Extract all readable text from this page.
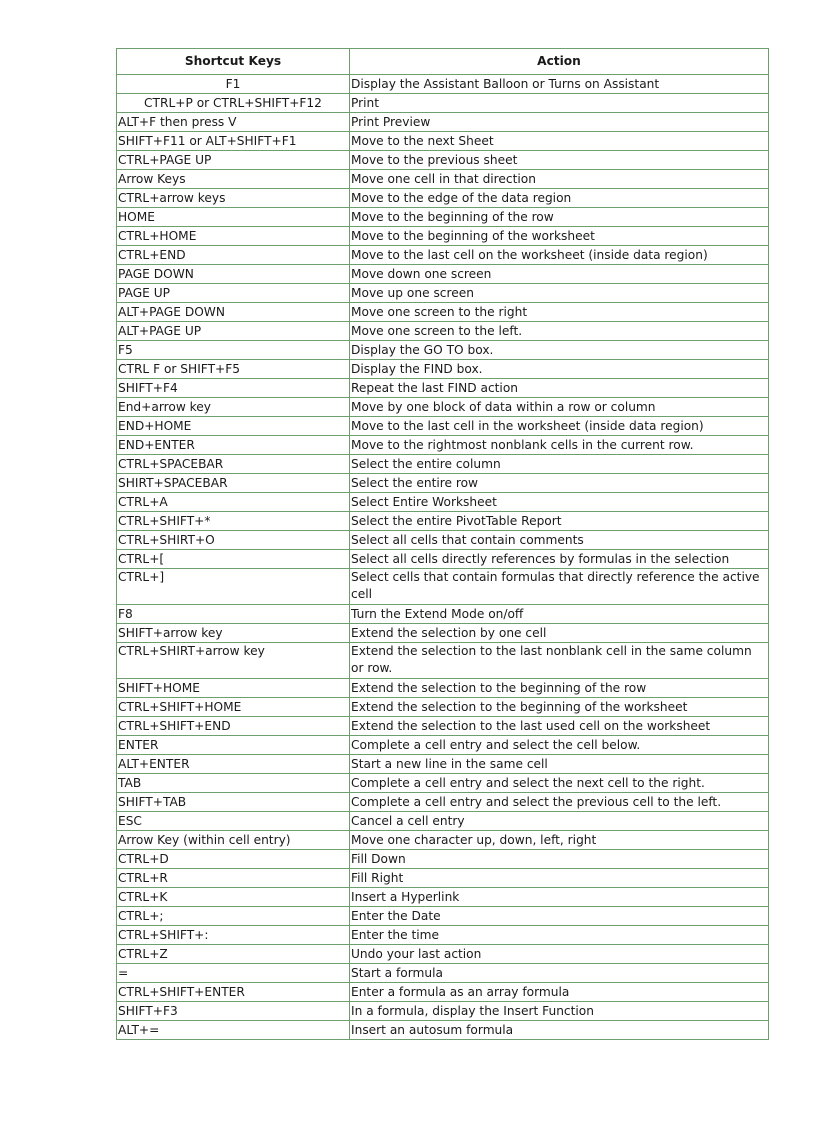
Shortcut Keys	Action
F1	Display the Assistant Balloon or Turns on Assistant
CTRL+P or CTRL+SHIFT+F12	Print
ALT+F then press V	Print Preview
SHIFT+F11 or ALT+SHIFT+F1	Move to the next Sheet
CTRL+PAGE UP	Move to the previous sheet
Arrow Keys	Move one cell in that direction
CTRL+arrow keys	Move to the edge of the data region
HOME	Move to the beginning of the row
CTRL+HOME	Move to the beginning of the worksheet
CTRL+END	Move to the last cell on the worksheet (inside data region)
PAGE DOWN	Move down one screen
PAGE UP	Move up one screen
ALT+PAGE DOWN	Move one screen to the right
ALT+PAGE UP	Move one screen to the left.
F5	Display the GO TO box.
CTRL F or SHIFT+F5	Display the FIND box.
SHIFT+F4	Repeat the last FIND action
End+arrow key	Move by one block of data within a row or column
END+HOME	Move to the last cell in the worksheet (inside data region)
END+ENTER	Move to the rightmost nonblank cells in the current row.
CTRL+SPACEBAR	Select the entire column
SHIRT+SPACEBAR	Select the entire row
CTRL+A	Select Entire Worksheet
CTRL+SHIFT+*	Select the entire PivotTable Report
CTRL+SHIRT+O	Select all cells that contain comments
CTRL+[	Select all cells directly references by formulas in the selection
CTRL+]	Select cells that contain formulas that directly reference the active cell
F8	Turn the Extend Mode on/off
SHIFT+arrow key	Extend the selection by one cell
CTRL+SHIRT+arrow key	Extend the selection to the last nonblank cell in the same column or row.
SHIFT+HOME	Extend the selection to the beginning of the row
CTRL+SHIFT+HOME	Extend the selection to the beginning of the worksheet
CTRL+SHIFT+END	Extend the selection to the last used cell on the worksheet
ENTER	Complete a cell entry and select the cell below.
ALT+ENTER	Start a new line in the same cell
TAB	Complete a cell entry and select the next cell to the right.
SHIFT+TAB	Complete a cell entry and select the previous cell to the left.
ESC	Cancel a cell entry
Arrow Key (within cell entry)	Move one character up, down, left, right
CTRL+D	Fill Down
CTRL+R	Fill Right
CTRL+K	Insert a Hyperlink
CTRL+;	Enter the Date
CTRL+SHIFT+:	Enter the time
CTRL+Z	Undo your last action
=	Start a formula
CTRL+SHIFT+ENTER	Enter a formula as an array formula
SHIFT+F3	In a formula, display the Insert Function
ALT+=	Insert an autosum formula
